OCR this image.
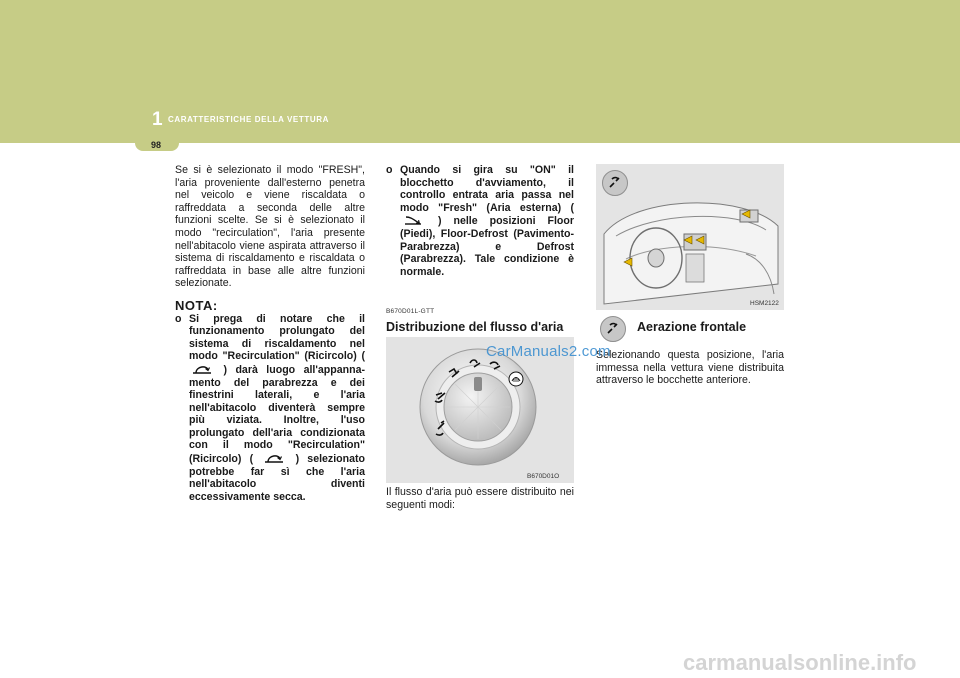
1 CARATTERISTICHE DELLA VETTURA
98

Se si è selezionato il modo "FRESH", l'aria proveniente dall'esterno penetra nel veicolo e viene riscaldata o raffreddata a seconda delle altre funzioni scelte. Se si è selezionato il modo "recirculation", l'aria presente nell'abitacolo viene aspirata attraverso il sistema di riscaldamento e riscaldata o raffreddata in base alle altre funzioni selezionate.

NOTA:

o Si prega di notare che il funzionamento prolungato del sistema di riscaldamento nel modo "Recirculation" (Ricircolo) (  ) darà luogo all'appanna-mento del parabrezza e dei finestrini laterali, e l'aria nell'abitacolo diventerà sempre più viziata. Inoltre, l'uso prolungato dell'aria condizionata con il modo "Recirculation" (Ricircolo) (	) selezionato potrebbe far sì che l'aria nell'abitacolo diventi eccessivamente secca.
o Quando si gira su "ON" il blocchetto d'avviamento, il controllo entrata aria passa nel modo "Fresh" (Aria esterna) (  ) nelle posizioni Floor (Piedi), Floor-Defrost (Pavimento-Parabrezza) e Defrost (Parabrezza). Tale condizione è normale.
B670D01L-GTT
Distribuzione del flusso d'aria
B670D01O

Il flusso d'aria può essere distribuito nei seguenti modi:

HSM2122
Aerazione frontale

Selezionando questa posizione, l'aria immessa nella vettura viene distribuita attraverso le bocchette anteriore.

CarManuals2.com
carmanualsonline.info
